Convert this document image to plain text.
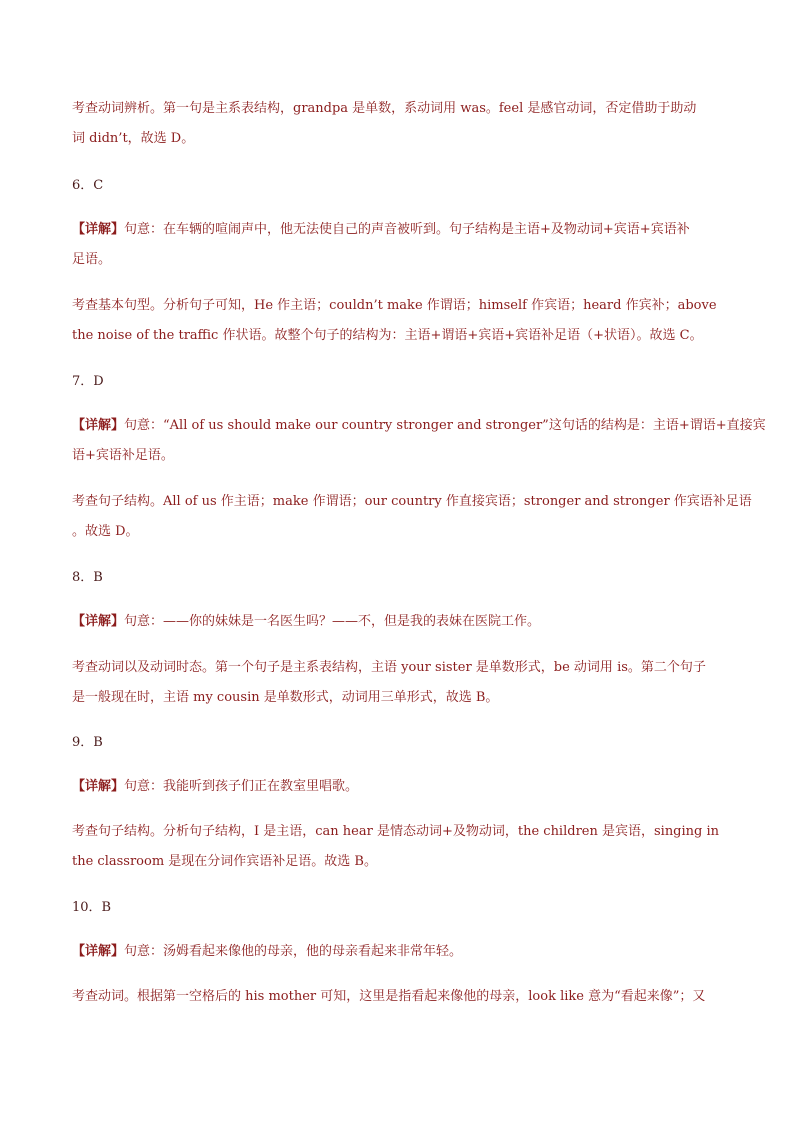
考查动词辨析。第一句是主系表结构，grandpa 是单数，系动词用 was。feel 是感官动词，否定借助于助动
词 didn’t，故选 D。
6．C
【详解】句意：在车辆的喧闹声中，他无法使自己的声音被听到。句子结构是主语+及物动词+宾语+宾语补
足语。
考查基本句型。分析句子可知，He 作主语；couldn’t make 作谓语；himself 作宾语；heard 作宾补；above
the noise of the traffic 作状语。故整个句子的结构为：主语+谓语+宾语+宾语补足语（+状语）。故选 C。
7．D
【详解】句意：“All of us should make our country stronger and stronger”这句话的结构是：主语+谓语+直接宾
语+宾语补足语。
考查句子结构。All of us 作主语；make 作谓语；our country 作直接宾语；stronger and stronger 作宾语补足语
。故选 D。
8．B
【详解】句意：——你的妹妹是一名医生吗？——不，但是我的表妹在医院工作。
考查动词以及动词时态。第一个句子是主系表结构，主语 your sister 是单数形式，be 动词用 is。第二个句子
是一般现在时，主语 my cousin 是单数形式，动词用三单形式，故选 B。
9．B
【详解】句意：我能听到孩子们正在教室里唱歌。
考查句子结构。分析句子结构，I 是主语，can hear 是情态动词+及物动词，the children 是宾语，singing in
the classroom 是现在分词作宾语补足语。故选 B。
10．B
【详解】句意：汤姆看起来像他的母亲，他的母亲看起来非常年轻。
考查动词。根据第一空格后的 his mother 可知，这里是指看起来像他的母亲，look like 意为“看起来像”；又
